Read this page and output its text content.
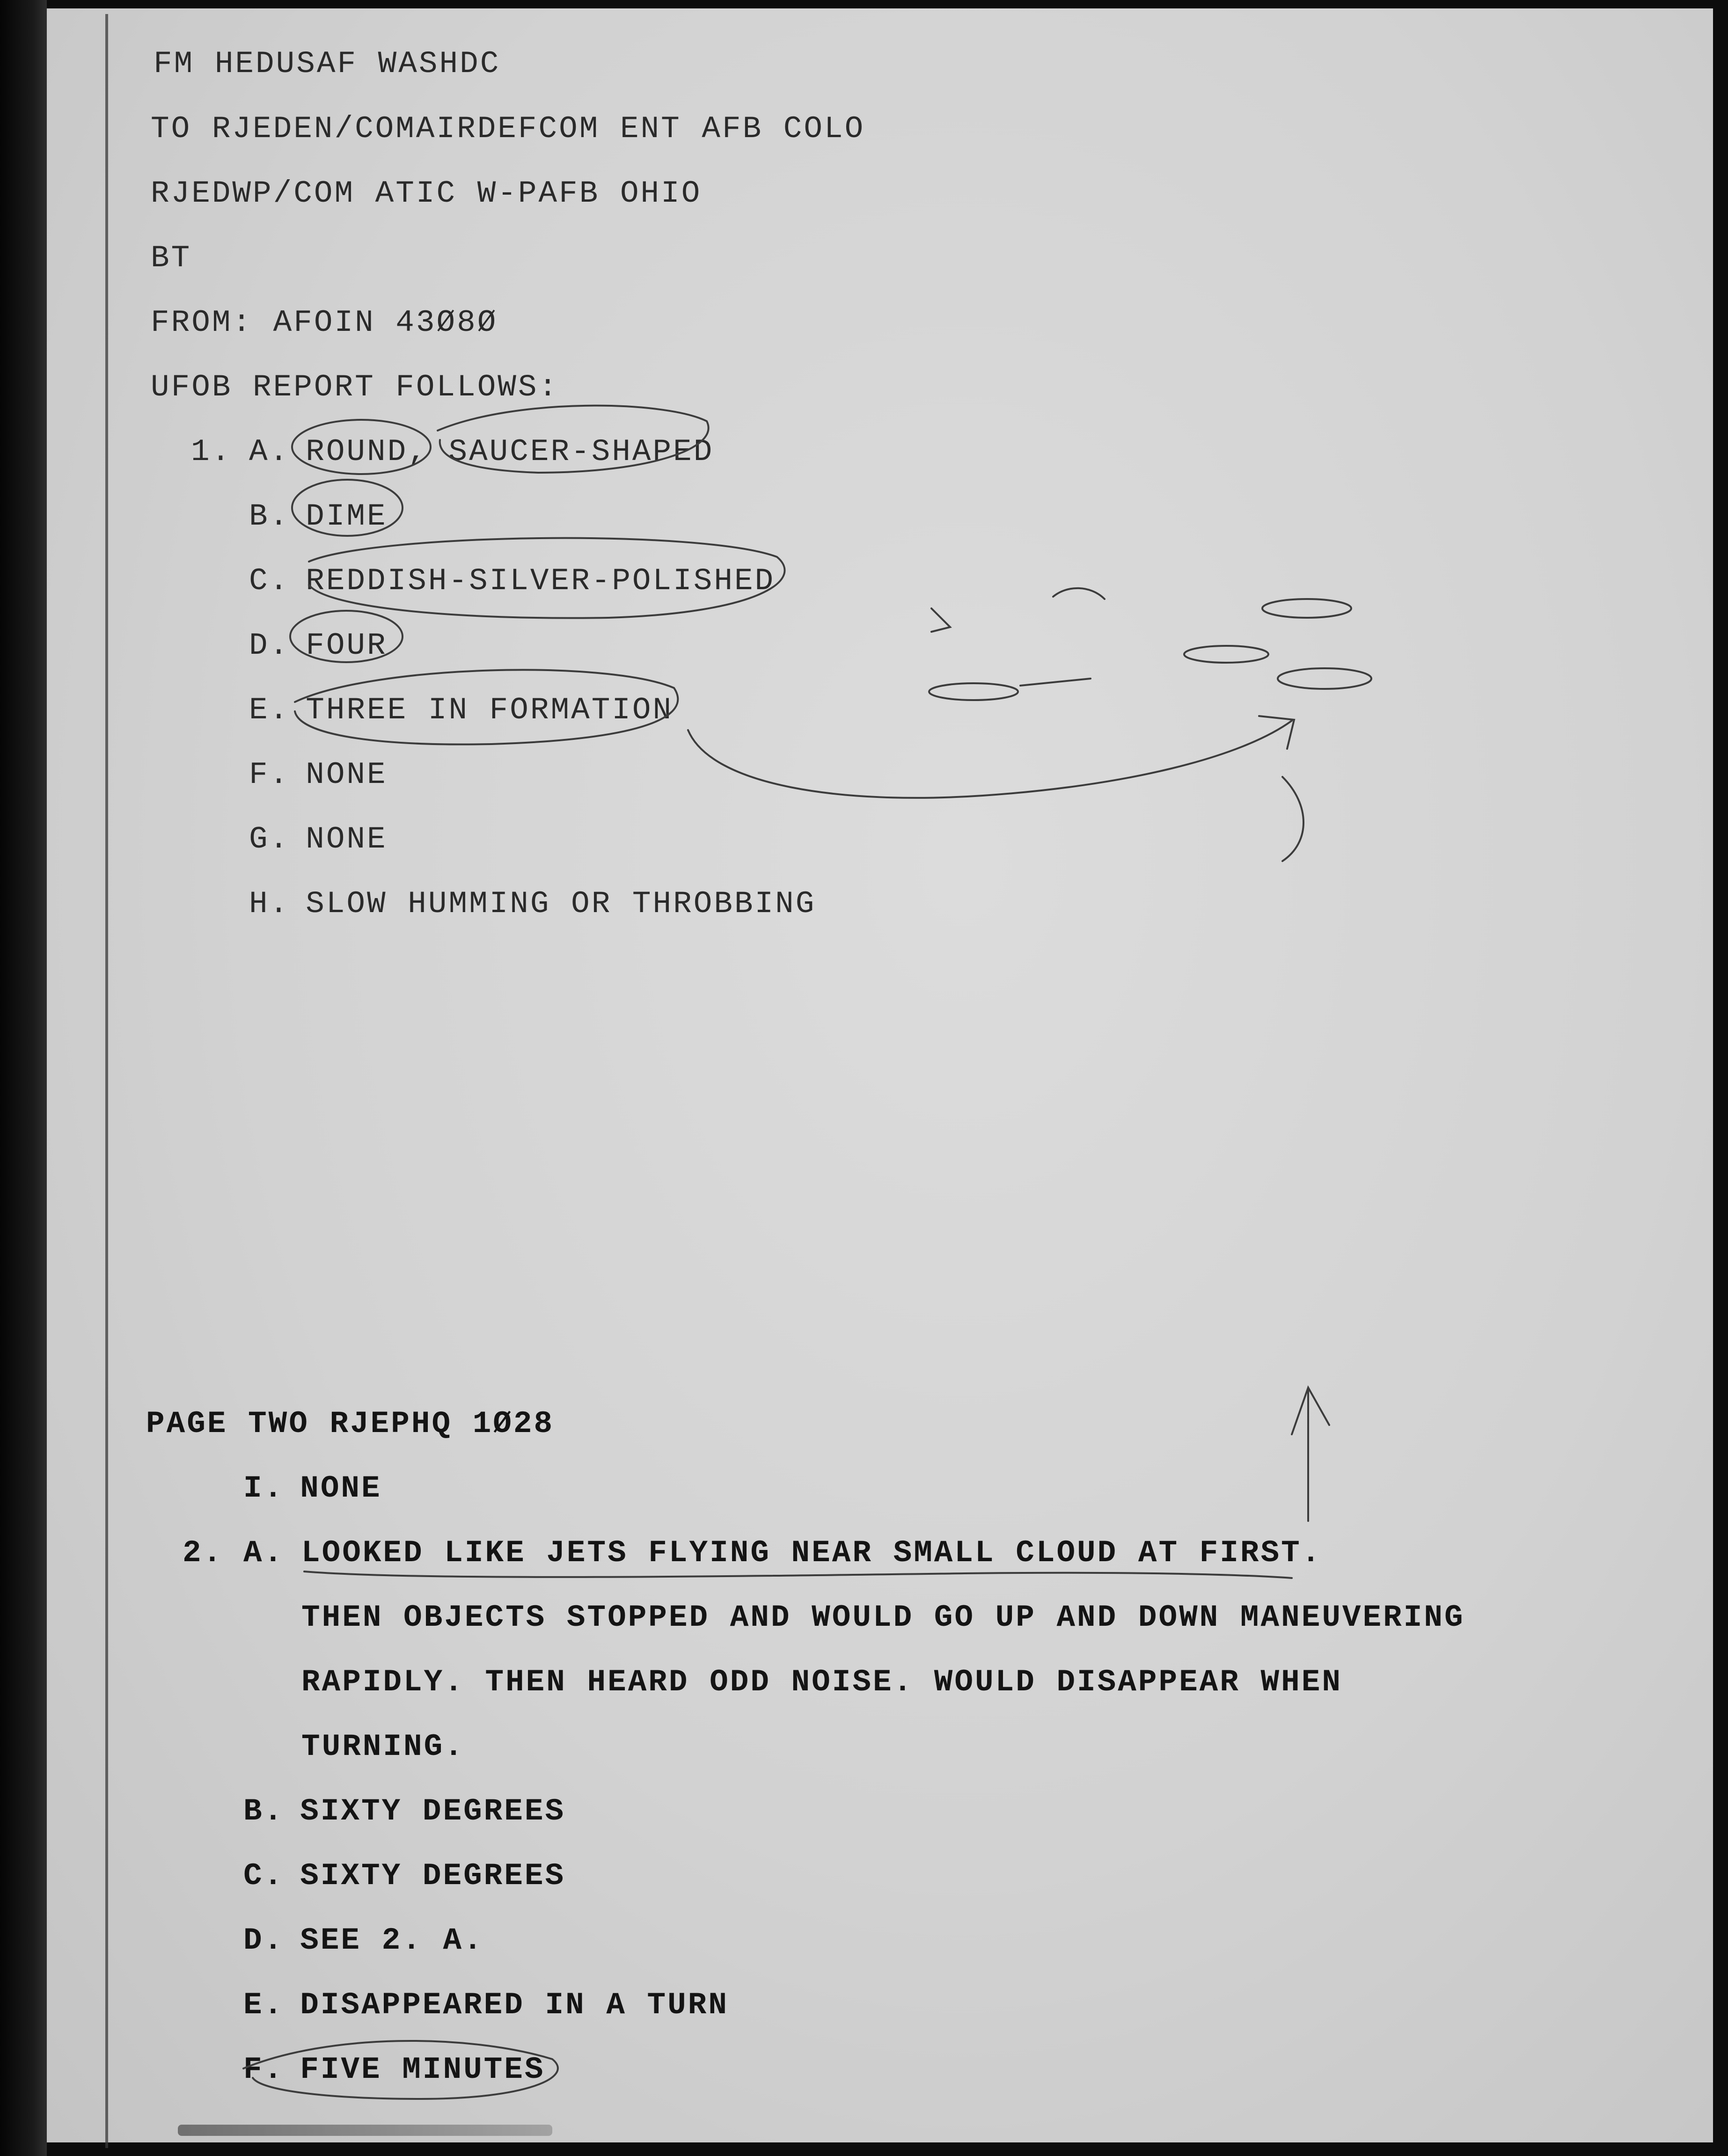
FM HEDUSAF WASHDC

TO RJEDEN/COMAIRDEFCOM ENT AFB COLO

RJEDWP/COM ATIC W-PAFB OHIO

BT

FROM: AFOIN 43Ø8Ø

UFOB REPORT FOLLOWS:

1. A. ROUND, SAUCER-SHAPED

B. DIME

C. REDDISH-SILVER-POLISHED

D. FOUR

E. THREE IN FORMATION

F. NONE

G. NONE

H. SLOW HUMMING OR THROBBING

PAGE TWO RJEPHQ 1Ø28

I. NONE

2. A. LOOKED LIKE JETS FLYING NEAR SMALL CLOUD AT FIRST.

THEN OBJECTS STOPPED AND WOULD GO UP AND DOWN MANEUVERING

RAPIDLY. THEN HEARD ODD NOISE. WOULD DISAPPEAR WHEN

TURNING.

B. SIXTY DEGREES

C. SIXTY DEGREES

D. SEE 2. A.

E. DISAPPEARED IN A TURN

F. FIVE MINUTES
